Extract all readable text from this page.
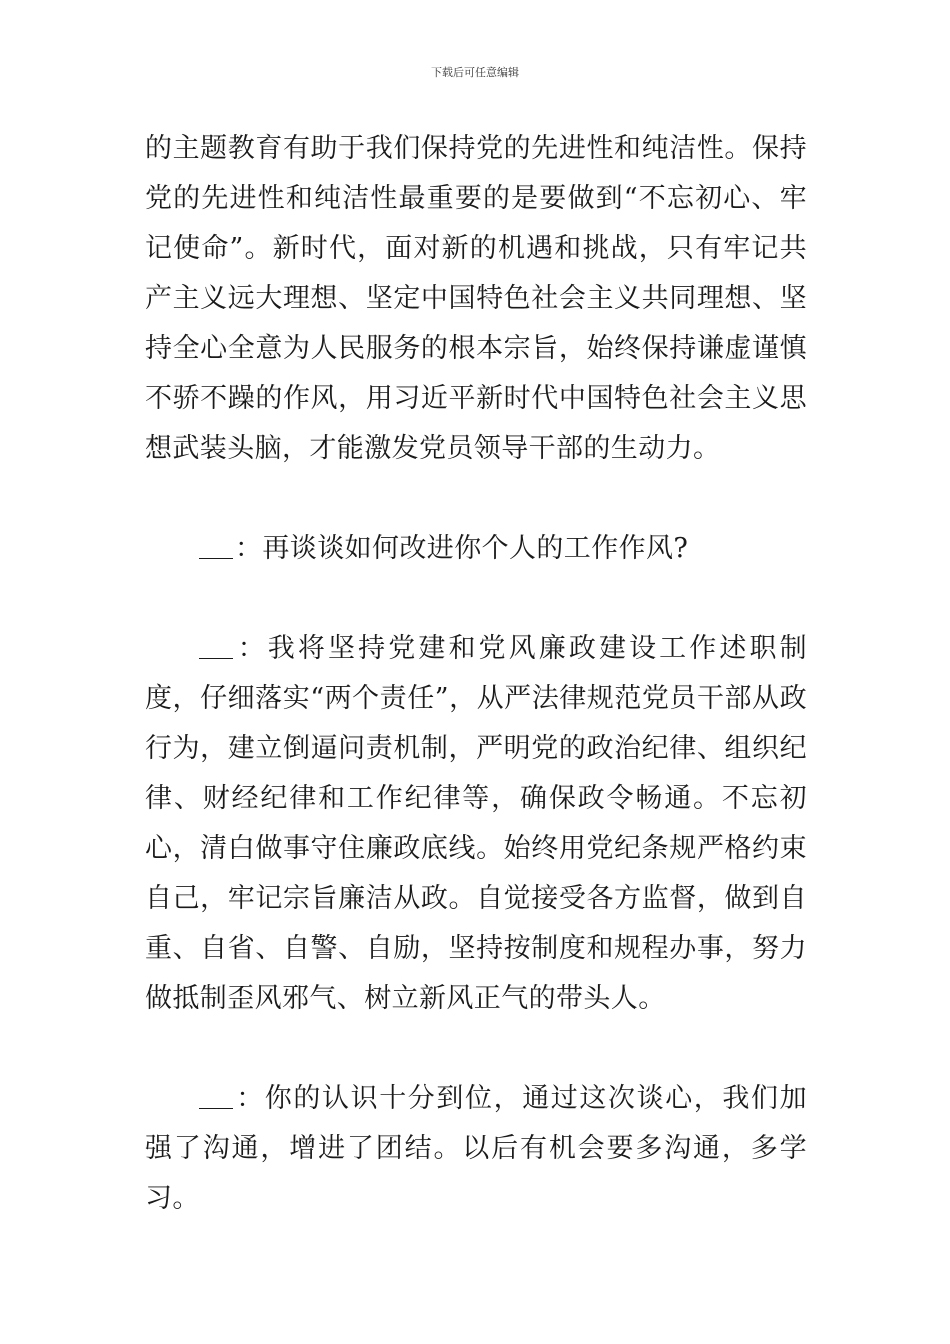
下载后可任意编辑

的主题教育有助于我们保持党的先进性和纯洁性。保持党的先进性和纯洁性最重要的是要做到“不忘初心、牢记使命”。新时代，面对新的机遇和挑战，只有牢记共产主义远大理想、坚定中国特色社会主义共同理想、坚持全心全意为人民服务的根本宗旨，始终保持谦虚谨慎不骄不躁的作风，用习近平新时代中国特色社会主义思想武装头脑，才能激发党员领导干部的生动力。

：再谈谈如何改进你个人的工作作风?

：我将坚持党建和党风廉政建设工作述职制度，仔细落实“两个责任”，从严法律规范党员干部从政行为，建立倒逼问责机制，严明党的政治纪律、组织纪律、财经纪律和工作纪律等，确保政令畅通。不忘初心，清白做事守住廉政底线。始终用党纪条规严格约束自己，牢记宗旨廉洁从政。自觉接受各方监督，做到自重、自省、自警、自励，坚持按制度和规程办事，努力做抵制歪风邪气、树立新风正气的带头人。

：你的认识十分到位，通过这次谈心，我们加强了沟通，增进了团结。以后有机会要多沟通，多学习。
